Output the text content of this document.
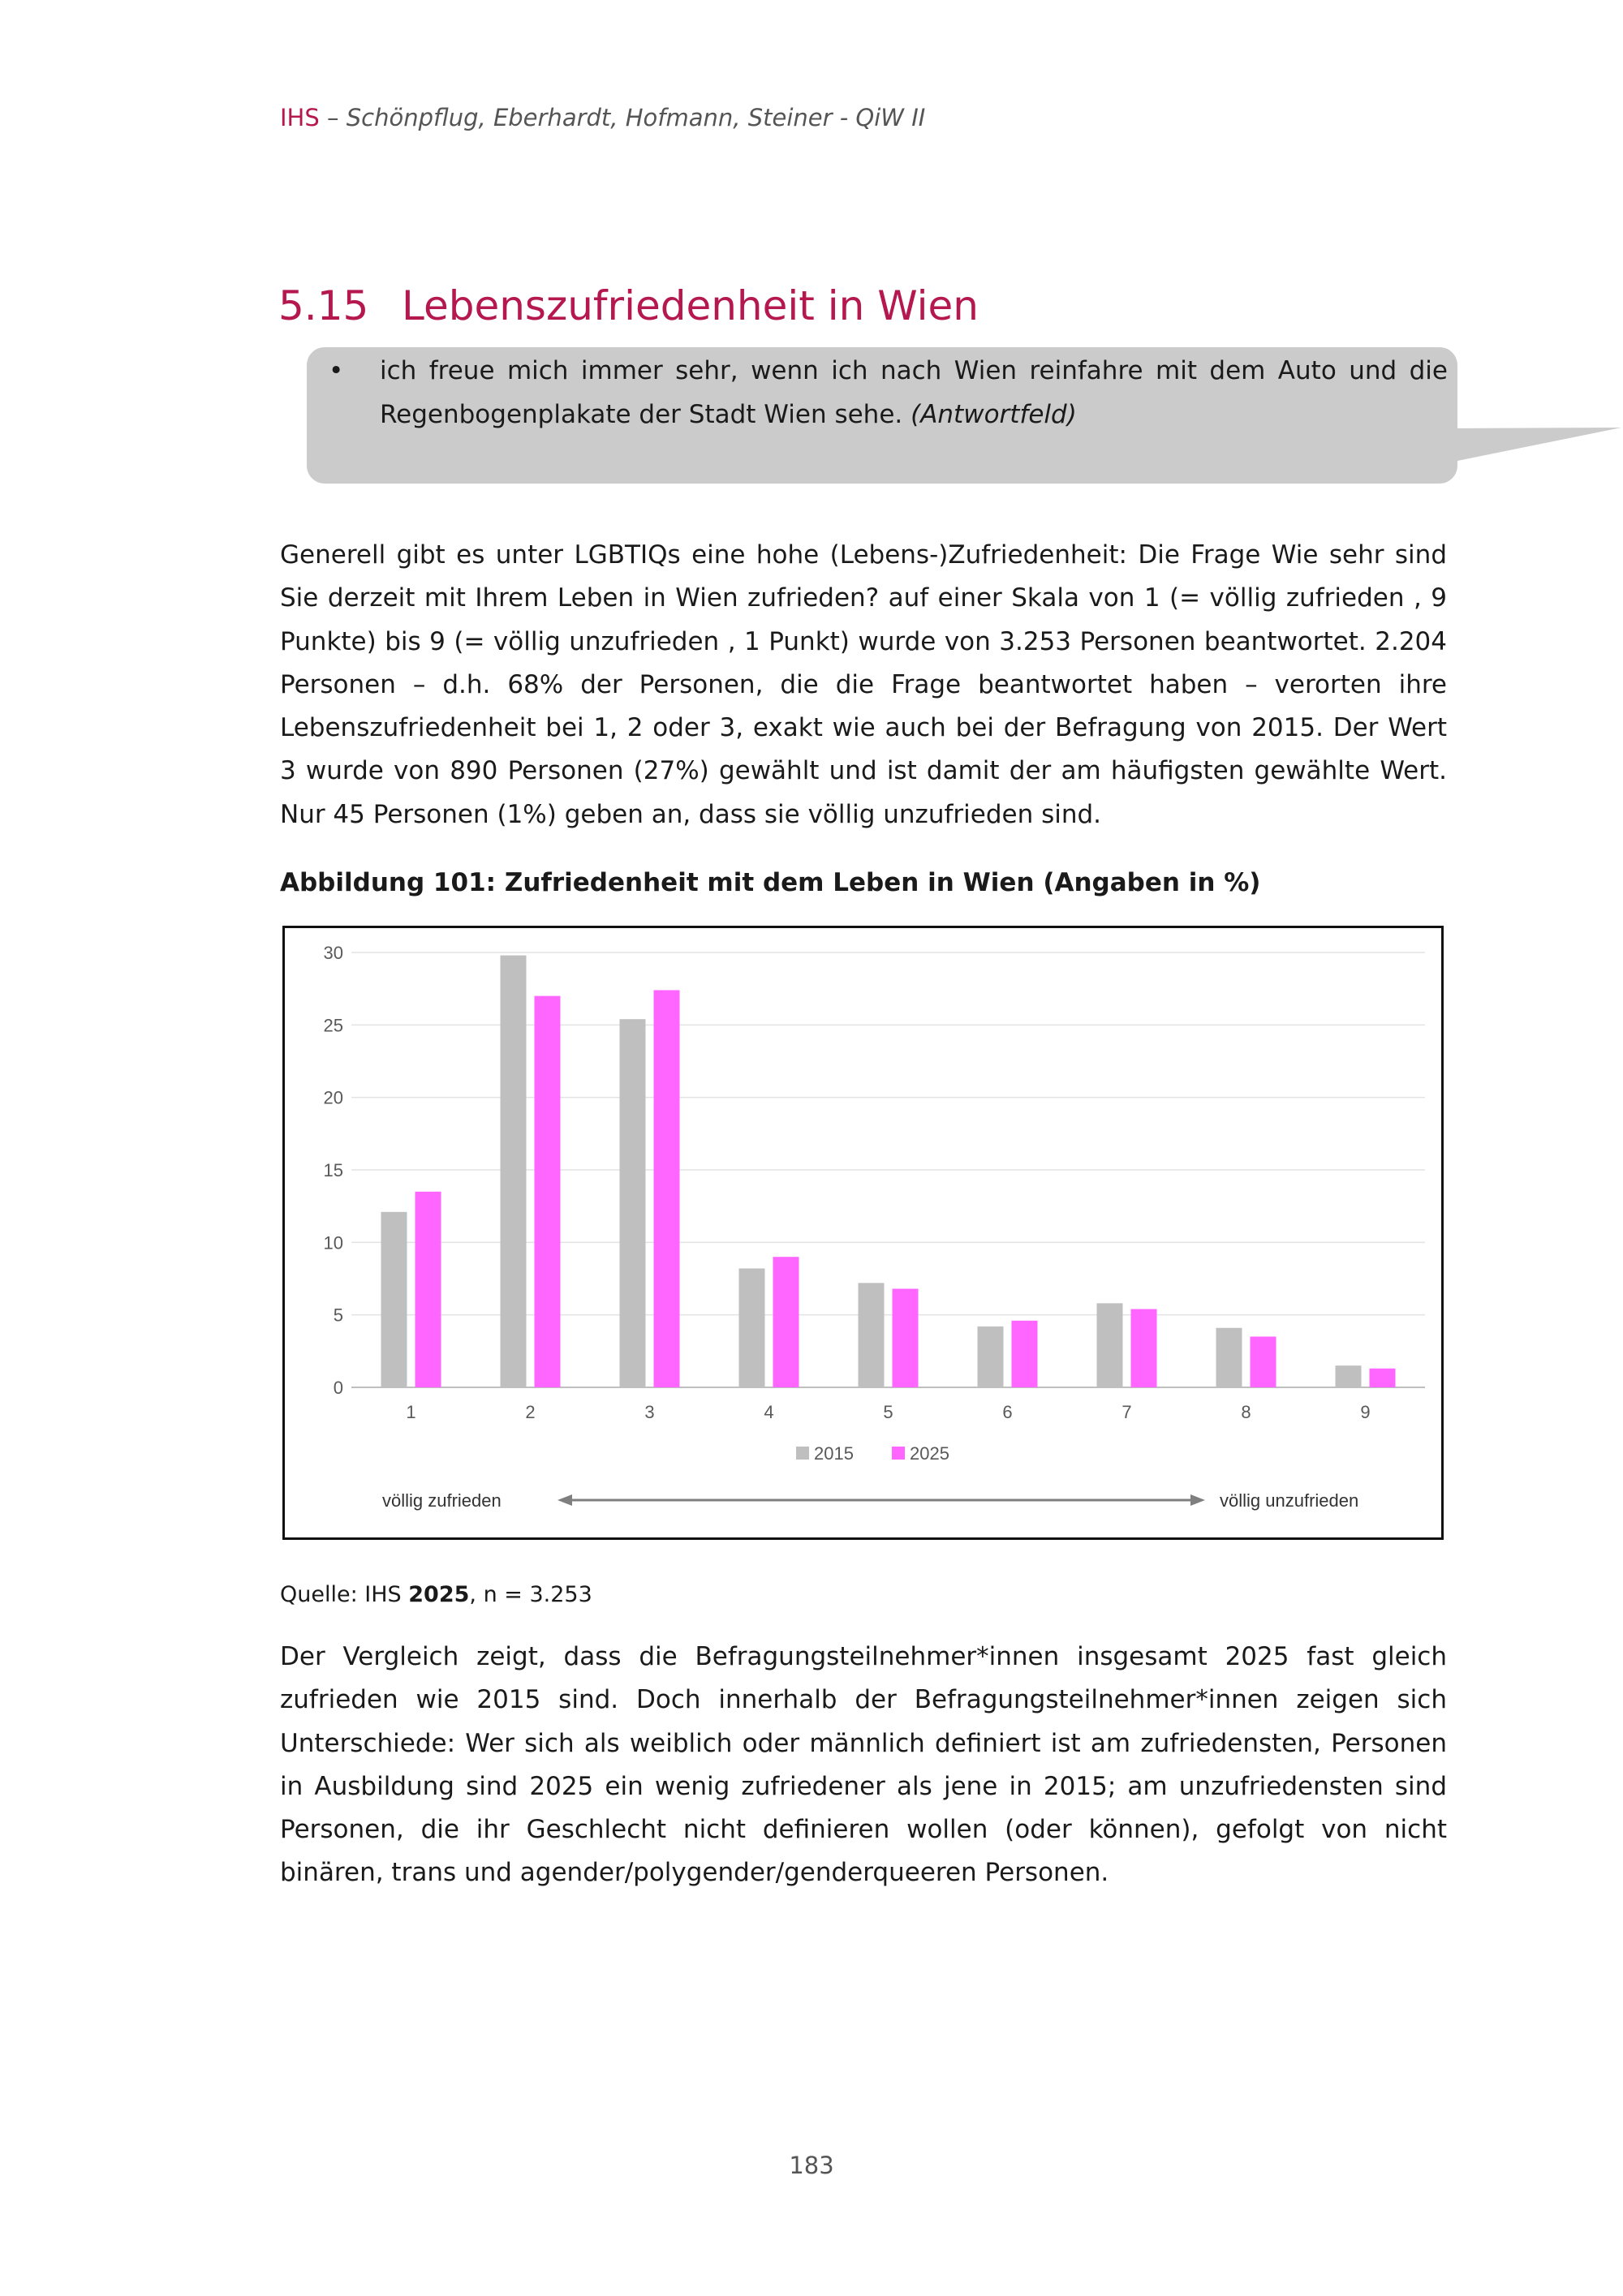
IHS – Schönpflug, Eberhardt, Hofmann, Steiner - QiW II
5.15 Lebenszufriedenheit in Wien
• ich freue mich immer sehr, wenn ich nach Wien reinfahre mit dem Auto und die Regenbogenplakate der Stadt Wien sehe. (Antwortfeld)

Generell gibt es unter LGBTIQs eine hohe (Lebens-)Zufriedenheit: Die Frage Wie sehr sind Sie derzeit mit Ihrem Leben in Wien zufrieden? auf einer Skala von 1 (= völlig zufrieden , 9 Punkte) bis 9 (= völlig unzufrieden , 1 Punkt) wurde von 3.253 Personen beantwortet. 2.204 Personen – d.h. 68% der Personen, die die Frage beantwortet haben – verorten ihre Lebenszufriedenheit bei 1, 2 oder 3, exakt wie auch bei der Befragung von 2015. Der Wert 3 wurde von 890 Personen (27%) gewählt und ist damit der am häufigsten gewählte Wert. Nur 45 Personen (1%) geben an, dass sie völlig unzufrieden sind.

Abbildung 101: Zufriedenheit mit dem Leben in Wien (Angaben in %)

0
5
10
15
20
25
30
1	2	3	4	5	6	7	8	9
2015	2025
völlig zufrieden	völlig unzufrieden
Quelle: IHS 2025, n = 3.253

Der Vergleich zeigt, dass die Befragungsteilnehmer*innen insgesamt 2025 fast gleich zufrieden wie 2015 sind. Doch innerhalb der Befragungsteilnehmer*innen zeigen sich Unterschiede: Wer sich als weiblich oder männlich definiert ist am zufriedensten, Personen in Ausbildung sind 2025 ein wenig zufriedener als jene in 2015; am unzufriedensten sind Personen, die ihr Geschlecht nicht definieren wollen (oder können), gefolgt von nicht binären, trans und agender/polygender/genderqueeren Personen.

183
